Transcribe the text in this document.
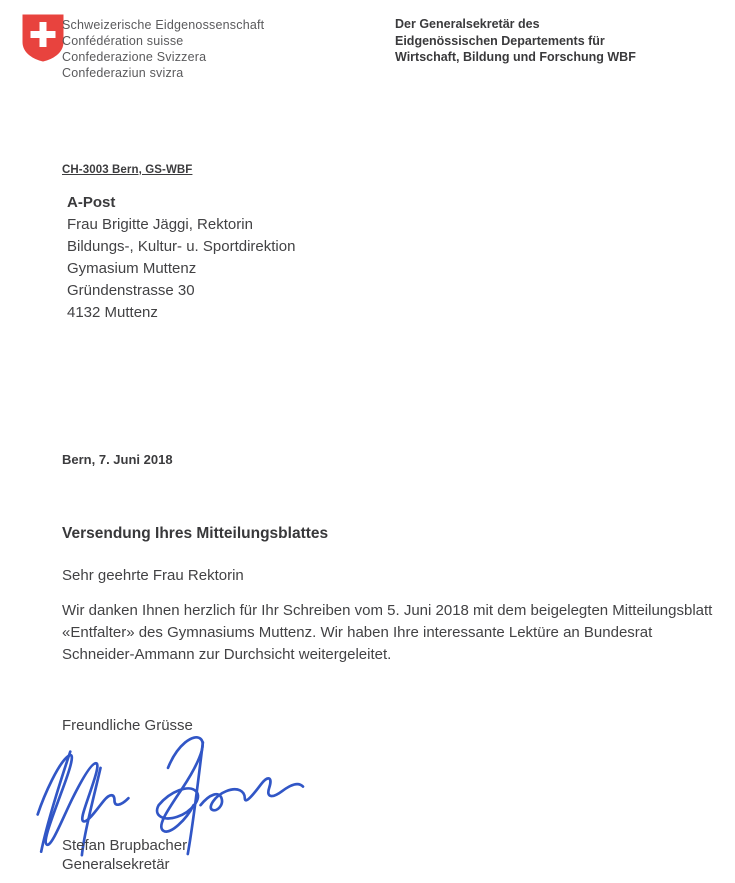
Schweizerische Eidgenossenschaft
Confédération suisse
Confederazione Svizzera
Confederaziun svizra
Der Generalsekretär des
Eidgenössischen Departements für
Wirtschaft, Bildung und Forschung WBF
CH-3003 Bern, GS-WBF
A-Post
Frau Brigitte Jäggi, Rektorin
Bildungs-, Kultur- u. Sportdirektion
Gymasium Muttenz
Gründenstrasse 30
4132 Muttenz
Bern, 7. Juni 2018
Versendung Ihres Mitteilungsblattes
Sehr geehrte Frau Rektorin

Wir danken Ihnen herzlich für Ihr Schreiben vom 5. Juni 2018 mit dem beigelegten Mitteilungsblatt «Entfalter» des Gymnasiums Muttenz. Wir haben Ihre interessante Lektüre an Bundesrat Schneider-Ammann zur Durchsicht weitergeleitet.

Freundliche Grüsse
Stefan Brupbacher
Generalsekretär
